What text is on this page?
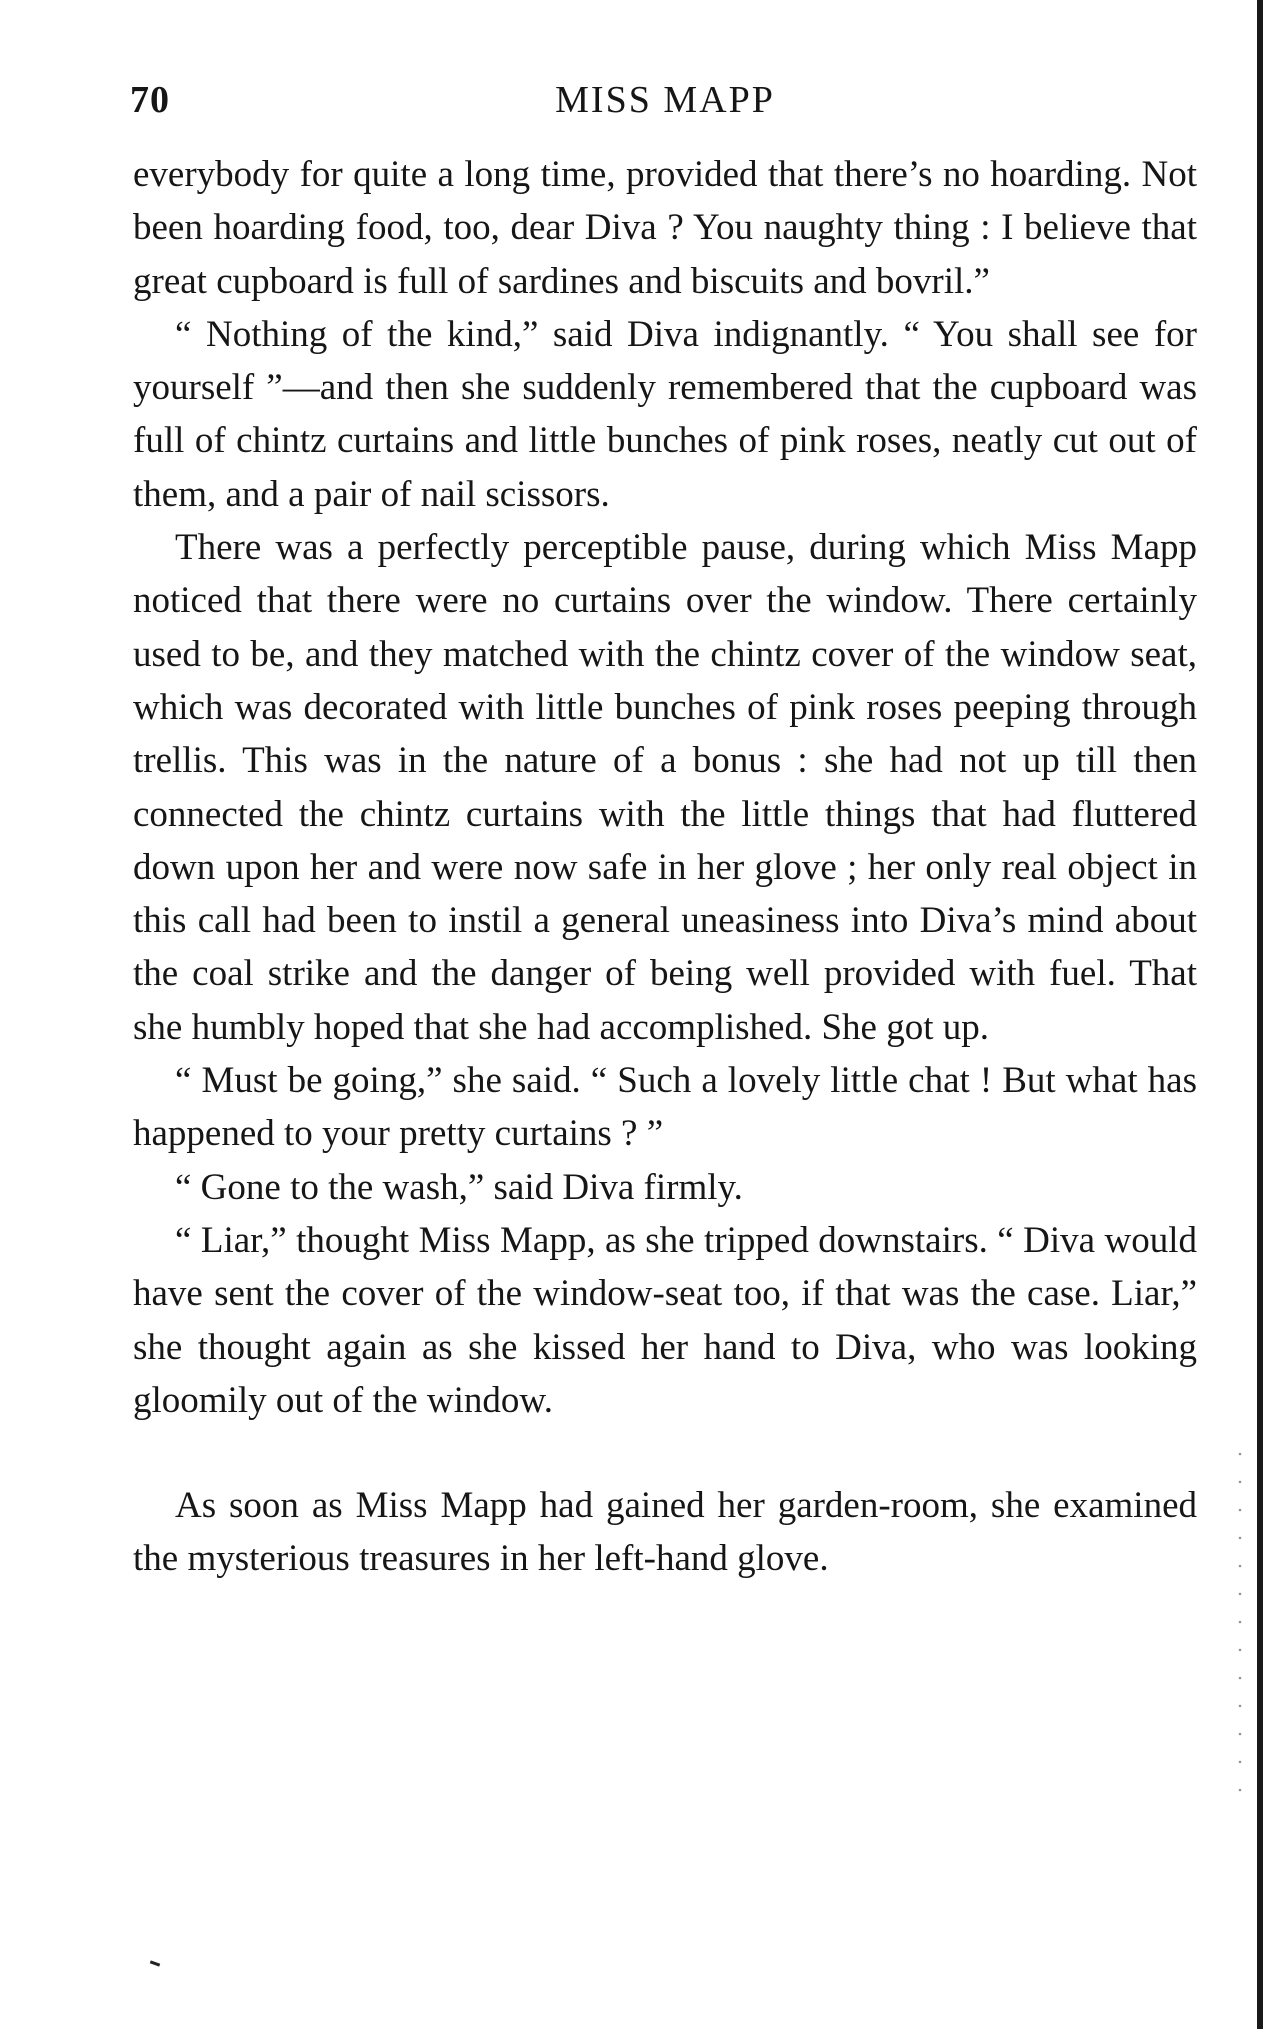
70	MISS MAPP

everybody for quite a long time, provided that there’s no hoarding. Not been hoarding food, too, dear Diva ? You naughty thing : I believe that great cupboard is full of sardines and biscuits and bovril.”

“ Nothing of the kind,” said Diva indignantly. “ You shall see for yourself ”—and then she suddenly remembered that the cupboard was full of chintz curtains and little bunches of pink roses, neatly cut out of them, and a pair of nail scissors.

There was a perfectly perceptible pause, during which Miss Mapp noticed that there were no curtains over the window. There certainly used to be, and they matched with the chintz cover of the window seat, which was decorated with little bunches of pink roses peeping through trellis. This was in the nature of a bonus : she had not up till then connected the chintz curtains with the little things that had fluttered down upon her and were now safe in her glove ; her only real object in this call had been to instil a general uneasiness into Diva’s mind about the coal strike and the danger of being well provided with fuel. That she humbly hoped that she had accomplished. She got up.

“ Must be going,” she said. “ Such a lovely little chat ! But what has happened to your pretty curtains ? ”

“ Gone to the wash,” said Diva firmly.

“ Liar,” thought Miss Mapp, as she tripped downstairs. “ Diva would have sent the cover of the window-seat too, if that was the case. Liar,” she thought again as she kissed her hand to Diva, who was looking gloomily out of the window.

As soon as Miss Mapp had gained her garden-room, she examined the mysterious treasures in her left-hand glove.
